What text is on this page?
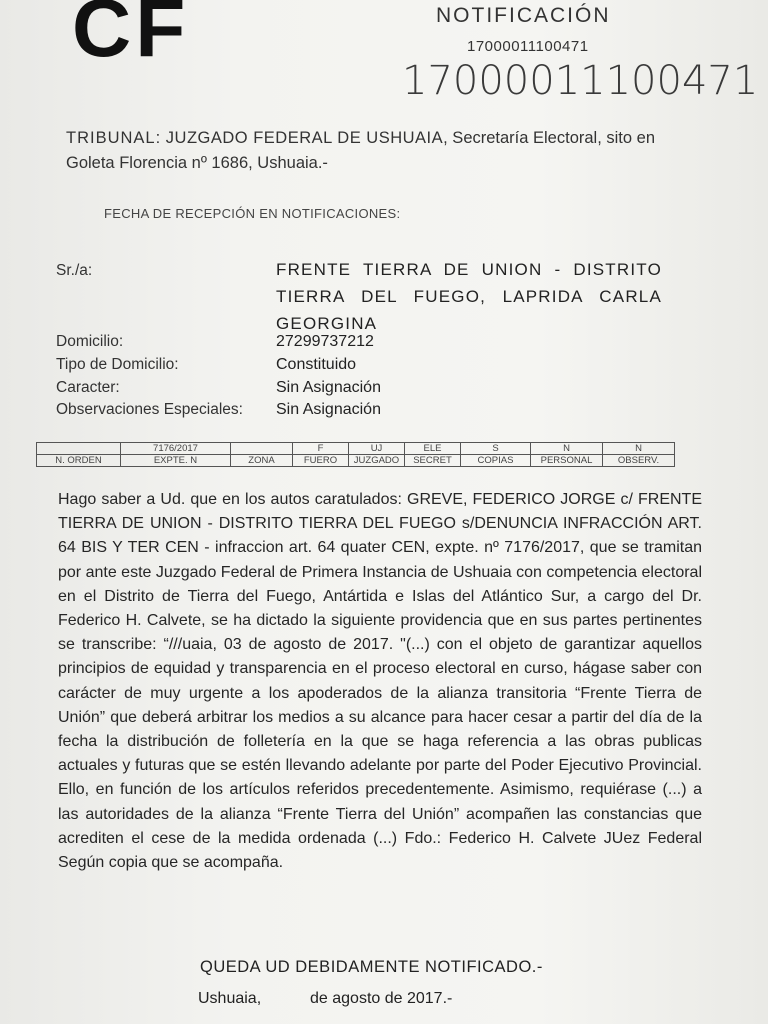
CF	NOTIFICACIÓN
17000011100471
17000011100471
TRIBUNAL: JUZGADO FEDERAL DE USHUAIA, Secretaría Electoral, sito en Goleta Florencia nº 1686, Ushuaia.-
FECHA DE RECEPCIÓN EN NOTIFICACIONES:
Sr./a:	FRENTE TIERRA DE UNION - DISTRITO TIERRA DEL FUEGO, LAPRIDA CARLA GEORGINA
Domicilio:	27299737212
Tipo de Domicilio:	Constituido
Caracter:	Sin Asignación
Observaciones Especiales: Sin Asignación
	7176/2017		F	UJ	ELE	S	N	N
N. ORDEN	EXPTE. N	ZONA	FUERO	JUZGADO	SECRET	COPIAS	PERSONAL	OBSERV.
Hago saber a Ud. que en los autos caratulados: GREVE, FEDERICO JORGE c/ FRENTE TIERRA DE UNION - DISTRITO TIERRA DEL FUEGO s/DENUNCIA INFRACCIÓN ART. 64 BIS Y TER CEN - infraccion art. 64 quater CEN, expte. nº 7176/2017, que se tramitan por ante este Juzgado Federal de Primera Instancia de Ushuaia con competencia electoral en el Distrito de Tierra del Fuego, Antártida e Islas del Atlántico Sur, a cargo del Dr. Federico H. Calvete, se ha dictado la siguiente providencia que en sus partes pertinentes se transcribe: “///uaia, 03 de agosto de 2017. "(...) con el objeto de garantizar aquellos principios de equidad y transparencia en el proceso electoral en curso, hágase saber con carácter de muy urgente a los apoderados de la alianza transitoria “Frente Tierra de Unión” que deberá arbitrar los medios a su alcance para hacer cesar a partir del día de la fecha la distribución de folletería en la que se haga referencia a las obras publicas actuales y futuras que se estén llevando adelante por parte del Poder Ejecutivo Provincial. Ello, en función de los artículos referidos precedentemente. Asimismo, requiérase (...) a las autoridades de la alianza “Frente Tierra del Unión” acompañen las constancias que acrediten el cese de la medida ordenada (...) Fdo.: Federico H. Calvete JUez Federal Según copia que se acompaña.
QUEDA UD DEBIDAMENTE NOTIFICADO.-
Ushuaia,	de agosto de 2017.-
